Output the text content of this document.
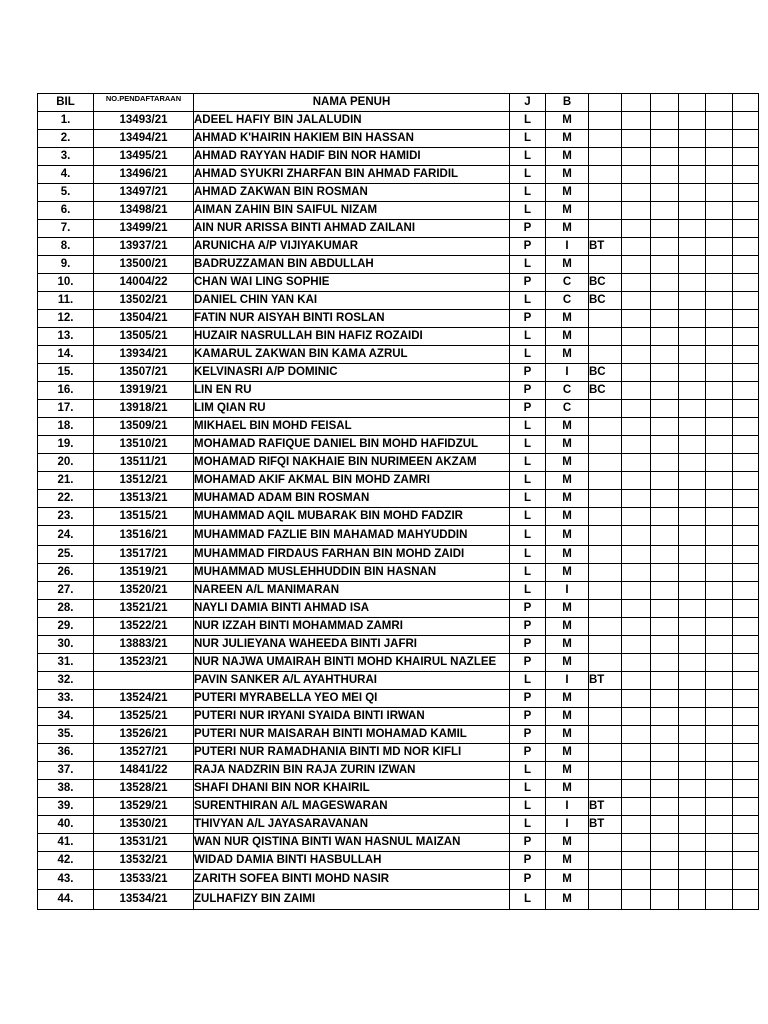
BIL	NO.PENDAFTARAAN	NAMA PENUH	J	B						
1.	13493/21	ADEEL HAFIY BIN JALALUDIN	L	M						
2.	13494/21	AHMAD K'HAIRIN HAKIEM BIN HASSAN	L	M						
3.	13495/21	AHMAD RAYYAN HADIF BIN NOR HAMIDI	L	M						
4.	13496/21	AHMAD SYUKRI ZHARFAN BIN AHMAD FARIDIL	L	M						
5.	13497/21	AHMAD ZAKWAN BIN ROSMAN	L	M						
6.	13498/21	AIMAN ZAHIN BIN SAIFUL NIZAM	L	M						
7.	13499/21	AIN NUR ARISSA BINTI AHMAD ZAILANI	P	M						
8.	13937/21	ARUNICHA A/P VIJIYAKUMAR	P	I	BT					
9.	13500/21	BADRUZZAMAN BIN ABDULLAH	L	M						
10.	14004/22	CHAN WAI LING SOPHIE	P	C	BC					
11.	13502/21	DANIEL CHIN YAN KAI	L	C	BC					
12.	13504/21	FATIN NUR AISYAH BINTI ROSLAN	P	M						
13.	13505/21	HUZAIR NASRULLAH BIN HAFIZ ROZAIDI	L	M						
14.	13934/21	KAMARUL ZAKWAN BIN KAMA AZRUL	L	M						
15.	13507/21	KELVINASRI A/P DOMINIC	P	I	BC					
16.	13919/21	LIN EN RU	P	C	BC					
17.	13918/21	LIM QIAN RU	P	C						
18.	13509/21	MIKHAEL BIN MOHD FEISAL	L	M						
19.	13510/21	MOHAMAD RAFIQUE DANIEL BIN MOHD HAFIDZUL	L	M						
20.	13511/21	MOHAMAD RIFQI NAKHAIE BIN NURIMEEN AKZAM	L	M						
21.	13512/21	MOHAMAD AKIF AKMAL BIN MOHD ZAMRI	L	M						
22.	13513/21	MUHAMAD ADAM BIN ROSMAN	L	M						
23.	13515/21	MUHAMMAD AQIL MUBARAK BIN MOHD FADZIR	L	M						
24.	13516/21	MUHAMMAD FAZLIE BIN MAHAMAD MAHYUDDIN	L	M						
25.	13517/21	MUHAMMAD FIRDAUS FARHAN BIN MOHD ZAIDI	L	M						
26.	13519/21	MUHAMMAD MUSLEHHUDDIN BIN HASNAN	L	M						
27.	13520/21	NAREEN A/L MANIMARAN	L	I						
28.	13521/21	NAYLI DAMIA BINTI AHMAD ISA	P	M						
29.	13522/21	NUR IZZAH BINTI MOHAMMAD ZAMRI	P	M						
30.	13883/21	NUR JULIEYANA WAHEEDA BINTI JAFRI	P	M						
31.	13523/21	NUR NAJWA UMAIRAH BINTI MOHD KHAIRUL NAZLEE	P	M						
32.		PAVIN SANKER A/L AYAHTHURAI	L	I	BT					
33.	13524/21	PUTERI MYRABELLA YEO MEI QI	P	M						
34.	13525/21	PUTERI NUR IRYANI SYAIDA BINTI IRWAN	P	M						
35.	13526/21	PUTERI NUR MAISARAH BINTI MOHAMAD KAMIL	P	M						
36.	13527/21	PUTERI NUR RAMADHANIA BINTI MD NOR KIFLI	P	M						
37.	14841/22	RAJA NADZRIN BIN RAJA ZURIN IZWAN	L	M						
38.	13528/21	SHAFI DHANI BIN NOR KHAIRIL	L	M						
39.	13529/21	SURENTHIRAN A/L MAGESWARAN	L	I	BT					
40.	13530/21	THIVYAN A/L JAYASARAVANAN	L	I	BT					
41.	13531/21	WAN NUR QISTINA BINTI WAN HASNUL MAIZAN	P	M						
42.	13532/21	WIDAD DAMIA BINTI HASBULLAH	P	M						
43.	13533/21	ZARITH SOFEA BINTI MOHD NASIR	P	M						
44.	13534/21	ZULHAFIZY BIN ZAIMI	L	M						
